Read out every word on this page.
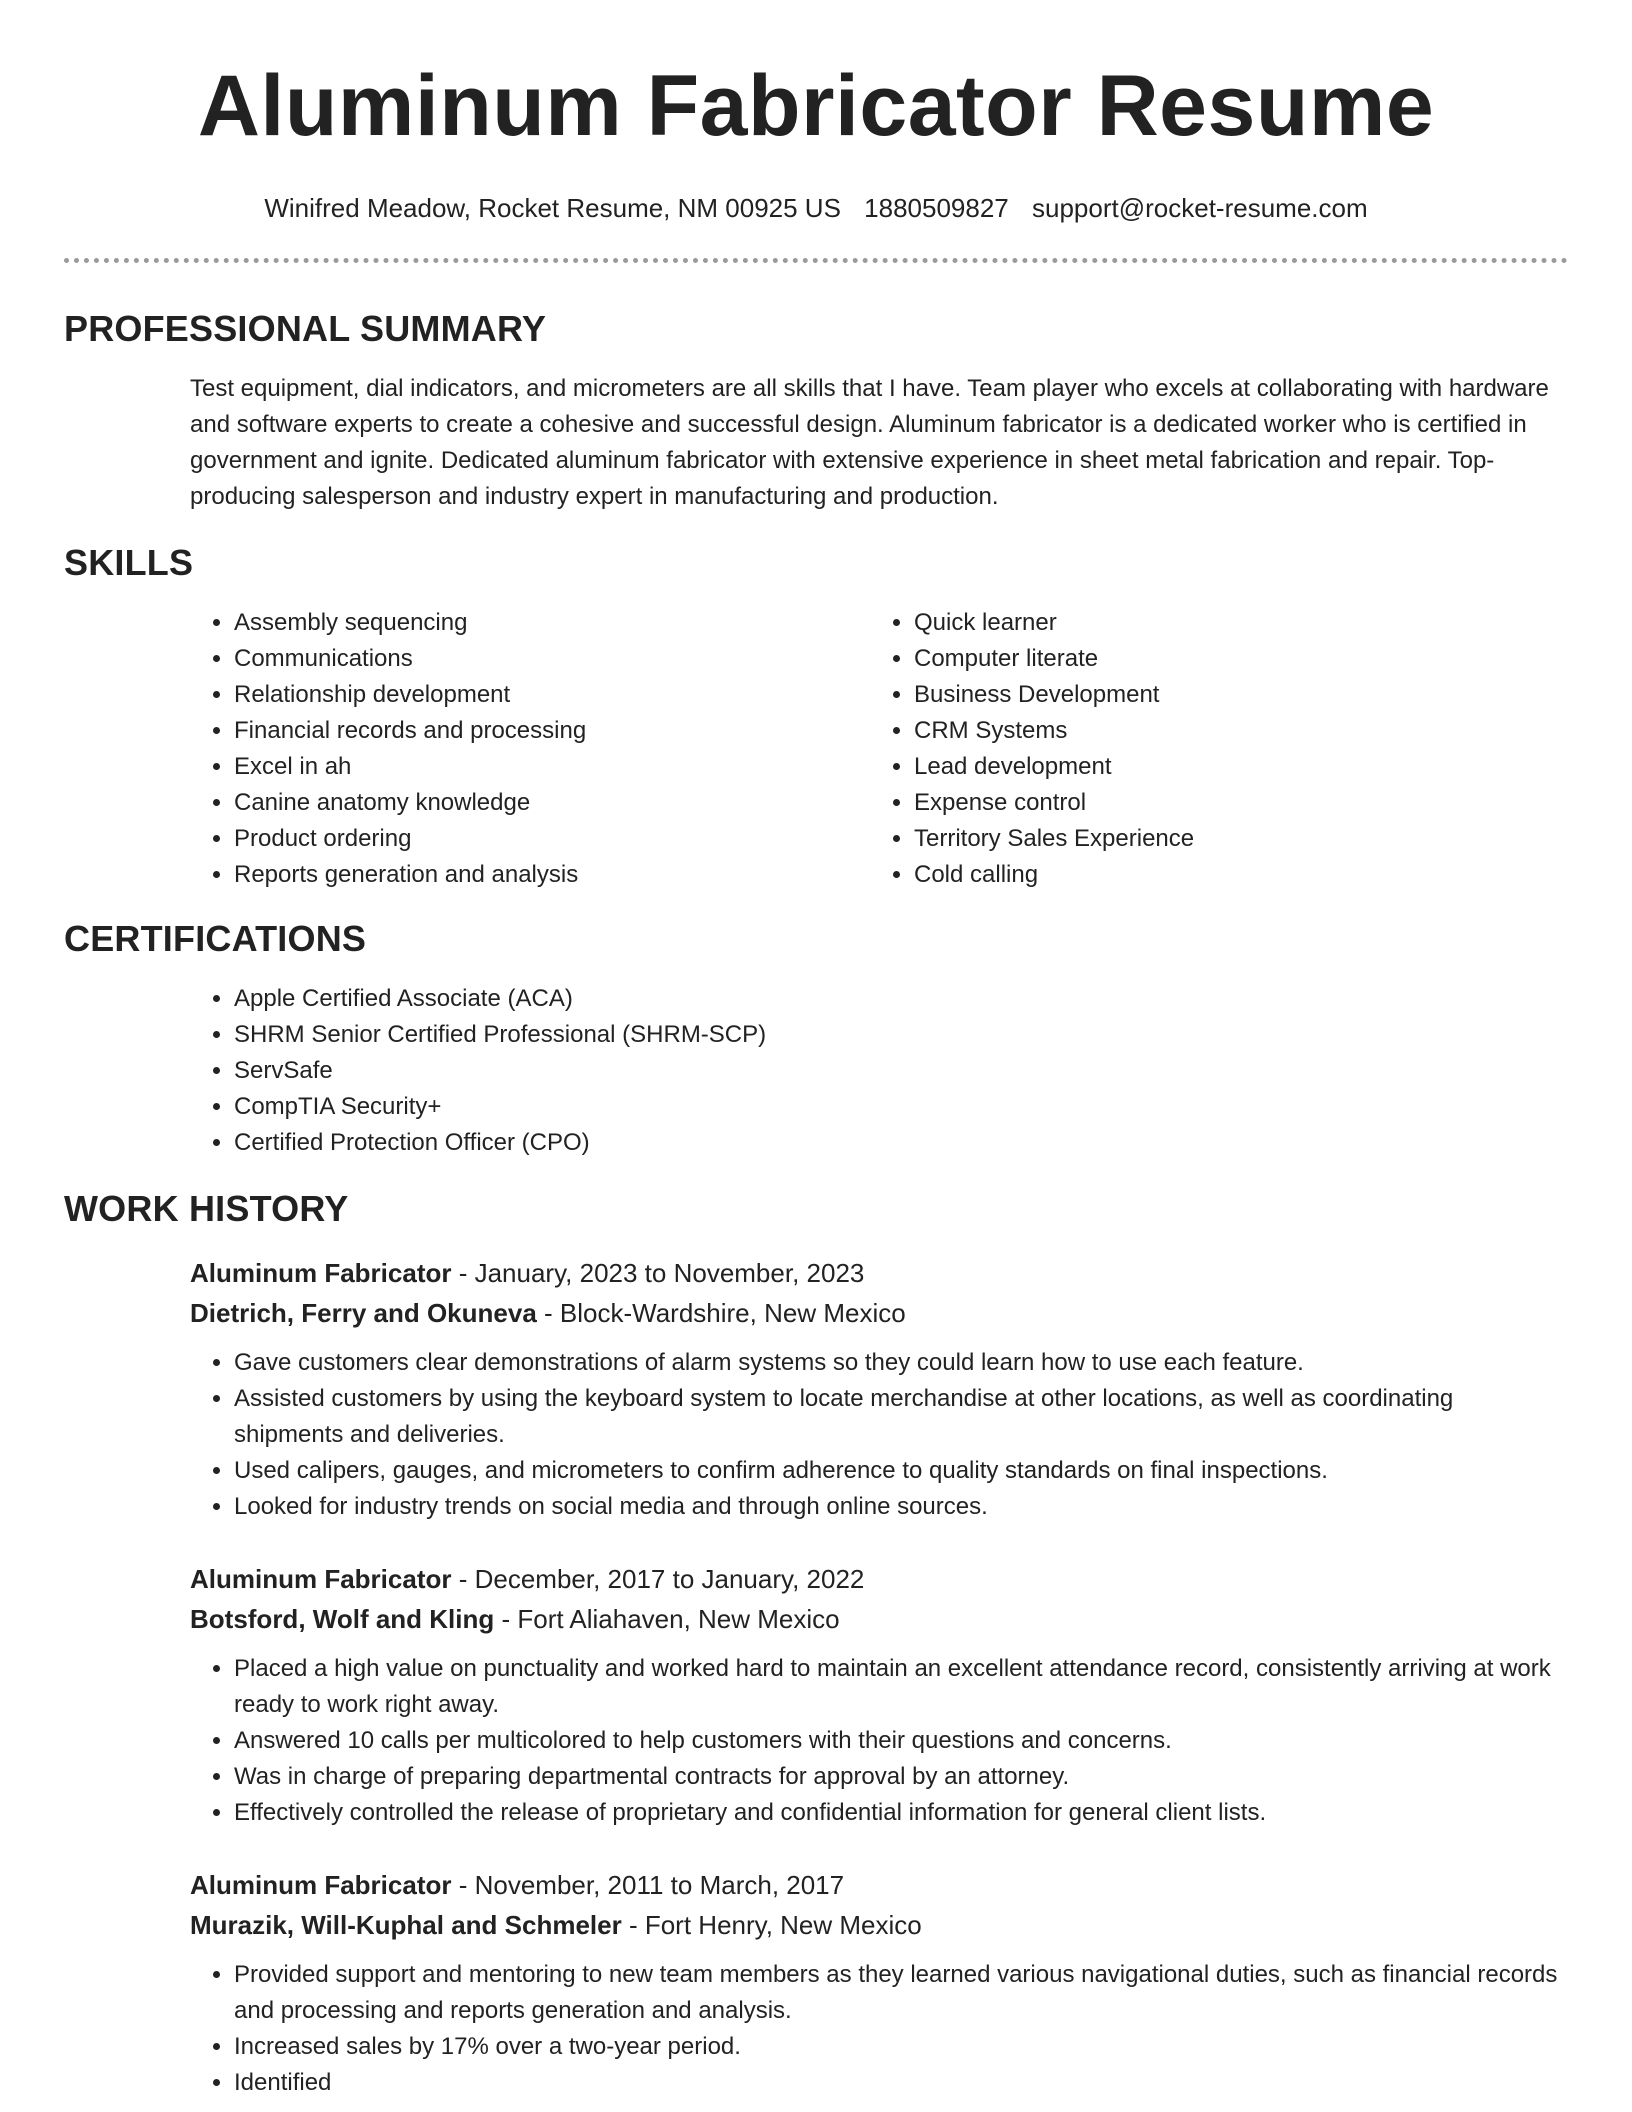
Aluminum Fabricator Resume
Winifred Meadow, Rocket Resume, NM 00925 US 1880509827 support@rocket-resume.com
PROFESSIONAL SUMMARY

Test equipment, dial indicators, and micrometers are all skills that I have. Team player who excels at collaborating with hardware and software experts to create a cohesive and successful design. Aluminum fabricator is a dedicated worker who is certified in government and ignite. Dedicated aluminum fabricator with extensive experience in sheet metal fabrication and repair. Top-producing salesperson and industry expert in manufacturing and production.

SKILLS
• Assembly sequencing
• Communications
• Relationship development
• Financial records and processing
• Excel in ah
• Canine anatomy knowledge
• Product ordering
• Reports generation and analysis
• Quick learner
• Computer literate
• Business Development
• CRM Systems
• Lead development
• Expense control
• Territory Sales Experience
• Cold calling
CERTIFICATIONS
• Apple Certified Associate (ACA)
• SHRM Senior Certified Professional (SHRM-SCP)
• ServSafe
• CompTIA Security+
• Certified Protection Officer (CPO)
WORK HISTORY
Aluminum Fabricator - January, 2023 to November, 2023
Dietrich, Ferry and Okuneva - Block-Wardshire, New Mexico
• Gave customers clear demonstrations of alarm systems so they could learn how to use each feature.
• Assisted customers by using the keyboard system to locate merchandise at other locations, as well as coordinating shipments and deliveries.
• Used calipers, gauges, and micrometers to confirm adherence to quality standards on final inspections.
• Looked for industry trends on social media and through online sources.
Aluminum Fabricator - December, 2017 to January, 2022
Botsford, Wolf and Kling - Fort Aliahaven, New Mexico
• Placed a high value on punctuality and worked hard to maintain an excellent attendance record, consistently arriving at work ready to work right away.
• Answered 10 calls per multicolored to help customers with their questions and concerns.
• Was in charge of preparing departmental contracts for approval by an attorney.
• Effectively controlled the release of proprietary and confidential information for general client lists.
Aluminum Fabricator - November, 2011 to March, 2017
Murazik, Will-Kuphal and Schmeler - Fort Henry, New Mexico
• Provided support and mentoring to new team members as they learned various navigational duties, such as financial records and processing and reports generation and analysis.
• Increased sales by 17% over a two-year period.
• Identified
